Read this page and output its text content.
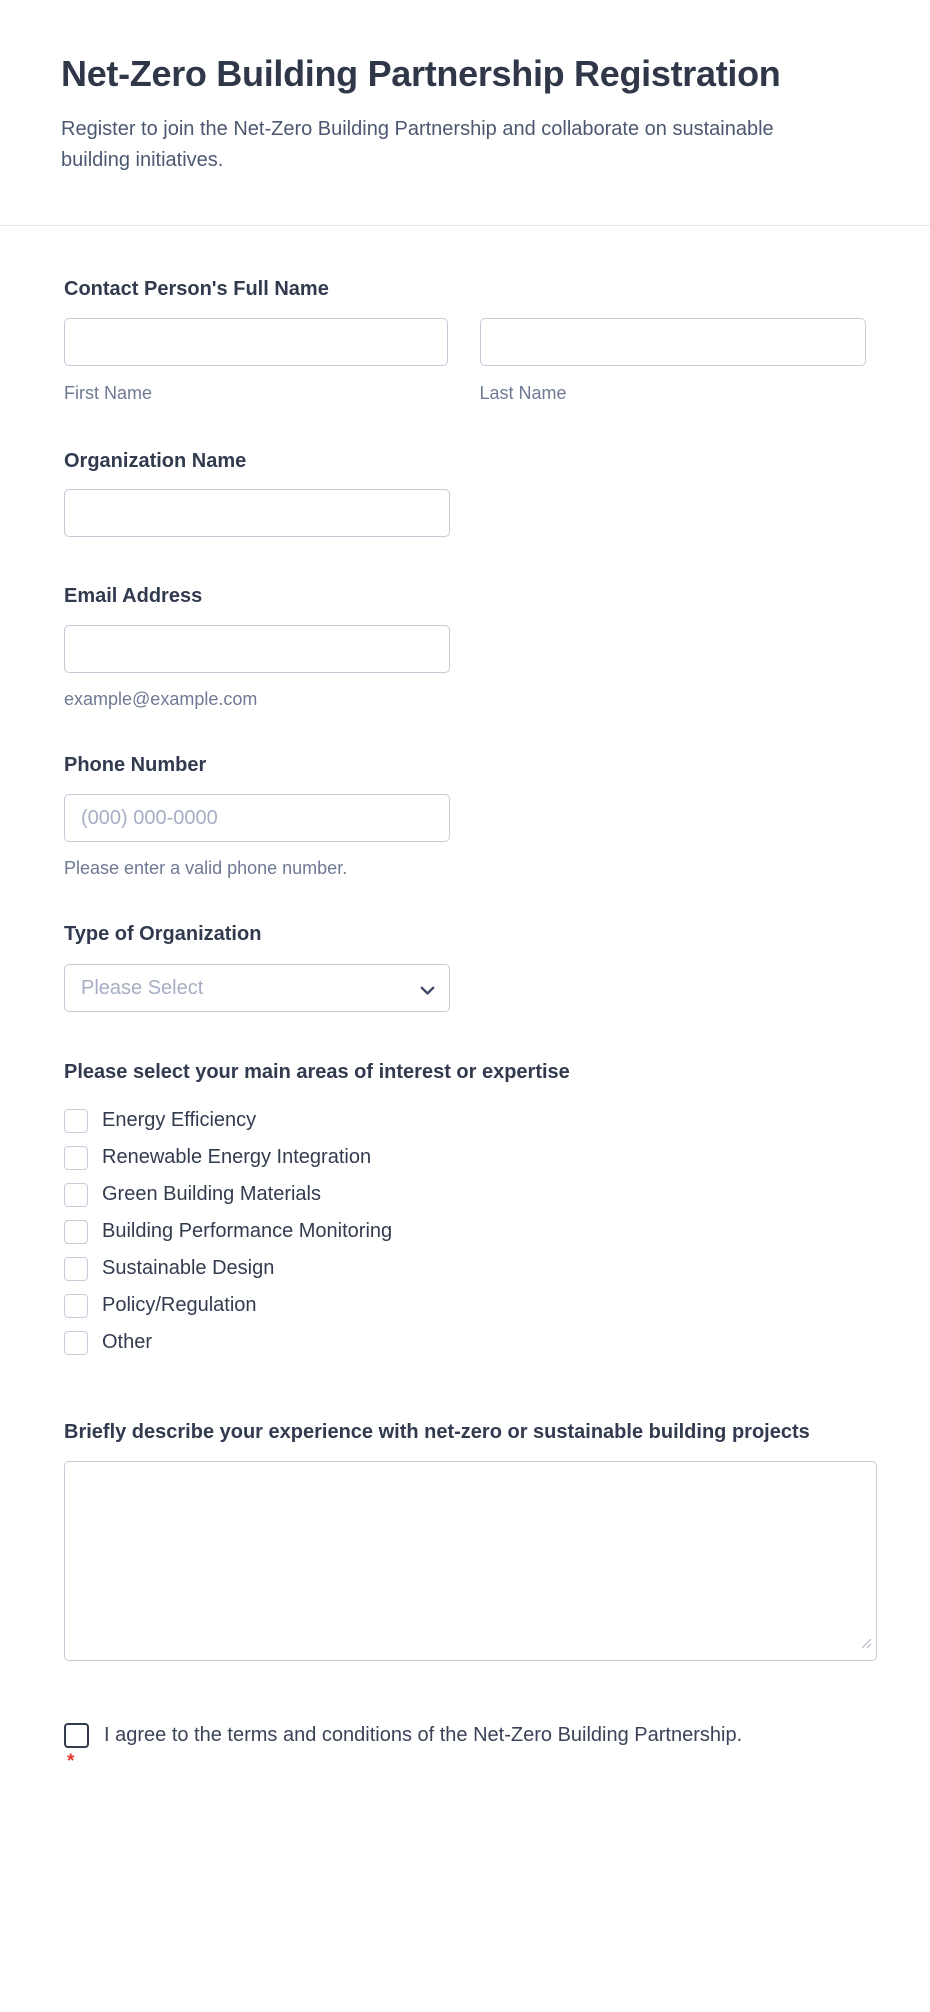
Net-Zero Building Partnership Registration

Register to join the Net-Zero Building Partnership and collaborate on sustainable building initiatives.

Contact Person's Full Name
First Name	Last Name
Organization Name
Email Address
example@example.com
Phone Number
(000) 000-0000
Please enter a valid phone number.
Type of Organization
Please Select
Please select your main areas of interest or expertise
Energy Efficiency
Renewable Energy Integration
Green Building Materials
Building Performance Monitoring
Sustainable Design
Policy/Regulation
Other
Briefly describe your experience with net-zero or sustainable building projects
I agree to the terms and conditions of the Net-Zero Building Partnership.
*
